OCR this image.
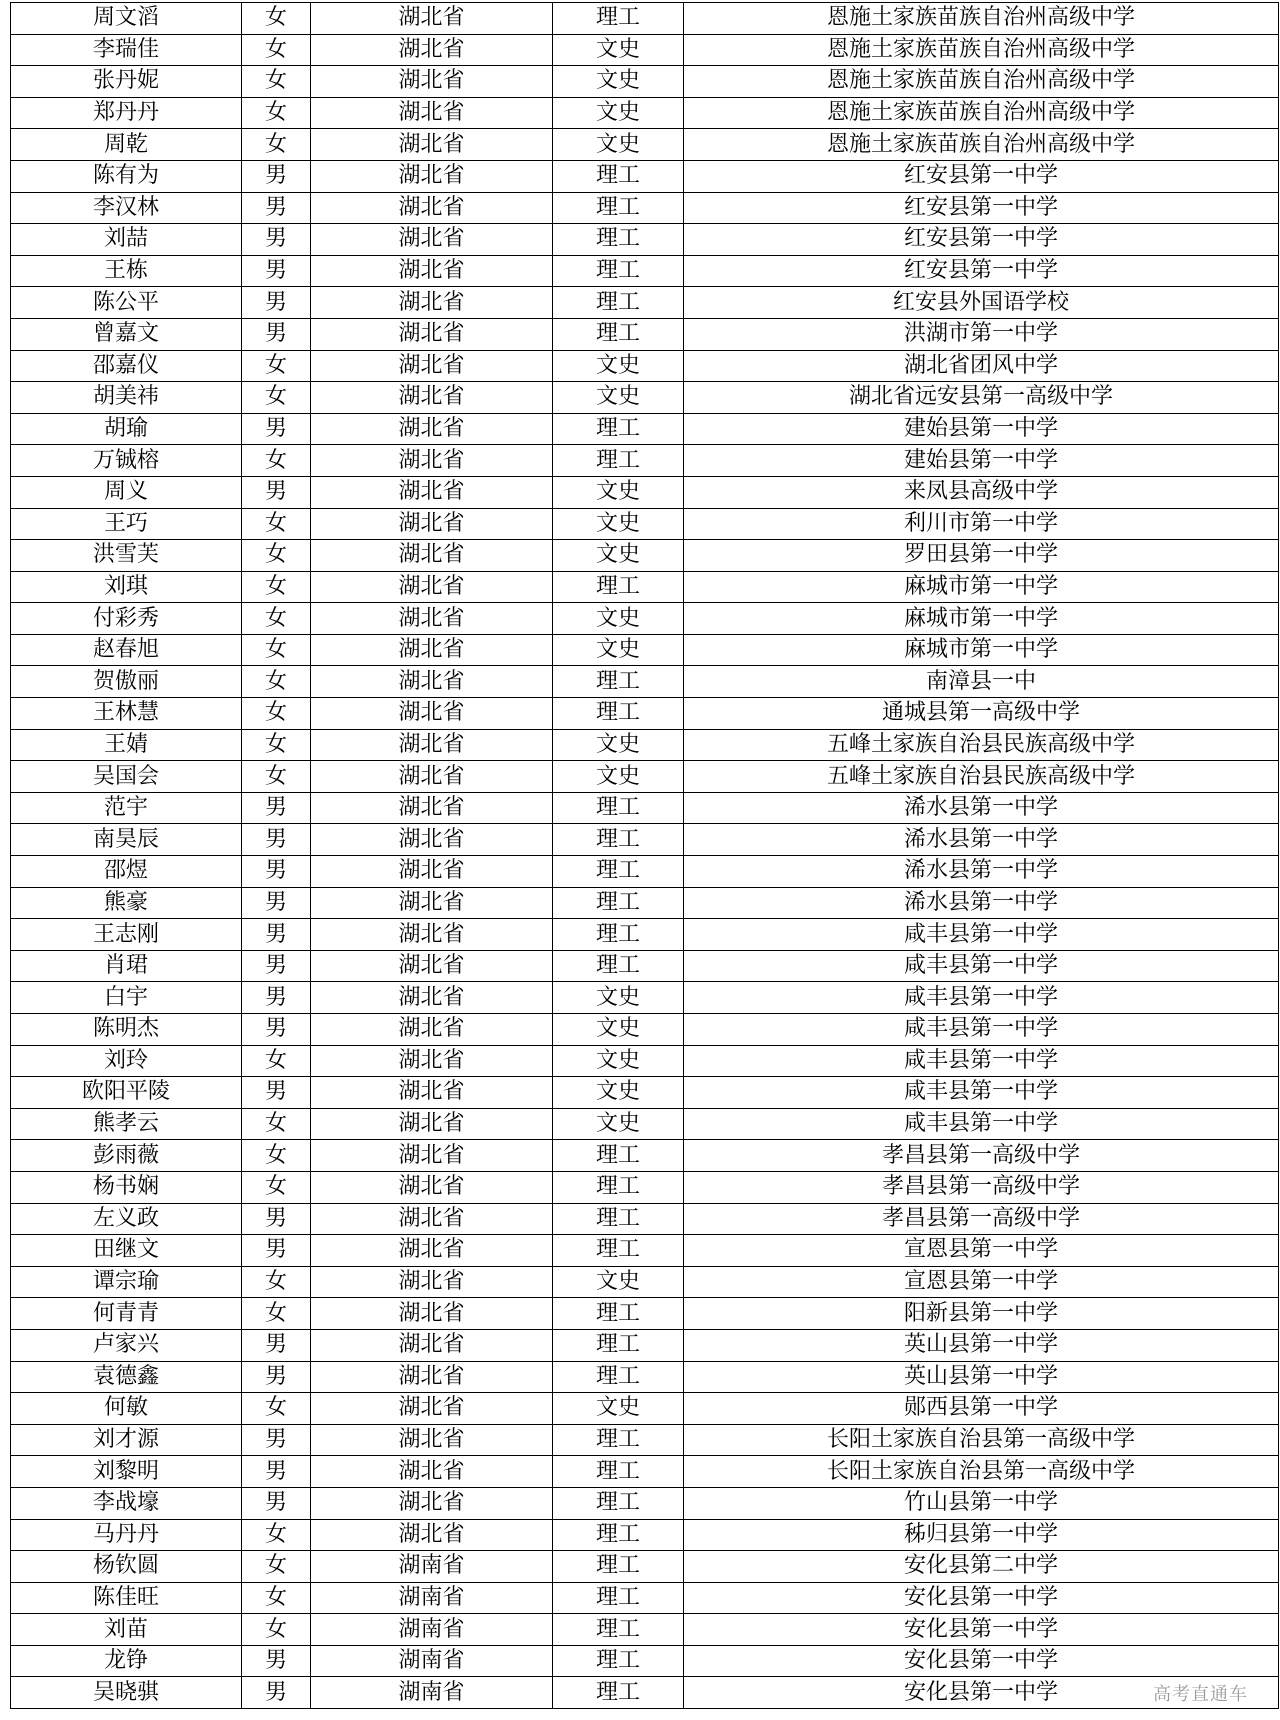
周文滔	女	湖北省	理工	恩施土家族苗族自治州高级中学
李瑞佳	女	湖北省	文史	恩施土家族苗族自治州高级中学
张丹妮	女	湖北省	文史	恩施土家族苗族自治州高级中学
郑丹丹	女	湖北省	文史	恩施土家族苗族自治州高级中学
周乾	女	湖北省	文史	恩施土家族苗族自治州高级中学
陈有为	男	湖北省	理工	红安县第一中学
李汉林	男	湖北省	理工	红安县第一中学
刘喆	男	湖北省	理工	红安县第一中学
王栋	男	湖北省	理工	红安县第一中学
陈公平	男	湖北省	理工	红安县外国语学校
曾嘉文	男	湖北省	理工	洪湖市第一中学
邵嘉仪	女	湖北省	文史	湖北省团风中学
胡美祎	女	湖北省	文史	湖北省远安县第一高级中学
胡瑜	男	湖北省	理工	建始县第一中学
万铖榕	女	湖北省	理工	建始县第一中学
周义	男	湖北省	文史	来凤县高级中学
王巧	女	湖北省	文史	利川市第一中学
洪雪芙	女	湖北省	文史	罗田县第一中学
刘琪	女	湖北省	理工	麻城市第一中学
付彩秀	女	湖北省	文史	麻城市第一中学
赵春旭	女	湖北省	文史	麻城市第一中学
贺傲丽	女	湖北省	理工	南漳县一中
王林慧	女	湖北省	理工	通城县第一高级中学
王婧	女	湖北省	文史	五峰土家族自治县民族高级中学
吴国会	女	湖北省	文史	五峰土家族自治县民族高级中学
范宇	男	湖北省	理工	浠水县第一中学
南昊辰	男	湖北省	理工	浠水县第一中学
邵煜	男	湖北省	理工	浠水县第一中学
熊豪	男	湖北省	理工	浠水县第一中学
王志刚	男	湖北省	理工	咸丰县第一中学
肖珺	男	湖北省	理工	咸丰县第一中学
白宇	男	湖北省	文史	咸丰县第一中学
陈明杰	男	湖北省	文史	咸丰县第一中学
刘玲	女	湖北省	文史	咸丰县第一中学
欧阳平陵	男	湖北省	文史	咸丰县第一中学
熊孝云	女	湖北省	文史	咸丰县第一中学
彭雨薇	女	湖北省	理工	孝昌县第一高级中学
杨书娴	女	湖北省	理工	孝昌县第一高级中学
左义政	男	湖北省	理工	孝昌县第一高级中学
田继文	男	湖北省	理工	宣恩县第一中学
谭宗瑜	女	湖北省	文史	宣恩县第一中学
何青青	女	湖北省	理工	阳新县第一中学
卢家兴	男	湖北省	理工	英山县第一中学
袁德鑫	男	湖北省	理工	英山县第一中学
何敏	女	湖北省	文史	郧西县第一中学
刘才源	男	湖北省	理工	长阳土家族自治县第一高级中学
刘黎明	男	湖北省	理工	长阳土家族自治县第一高级中学
李战壕	男	湖北省	理工	竹山县第一中学
马丹丹	女	湖北省	理工	秭归县第一中学
杨钦圆	女	湖南省	理工	安化县第二中学
陈佳旺	女	湖南省	理工	安化县第一中学
刘苗	女	湖南省	理工	安化县第一中学
龙铮	男	湖南省	理工	安化县第一中学
吴晓骐	男	湖南省	理工	安化县第一中学	高考直通车
